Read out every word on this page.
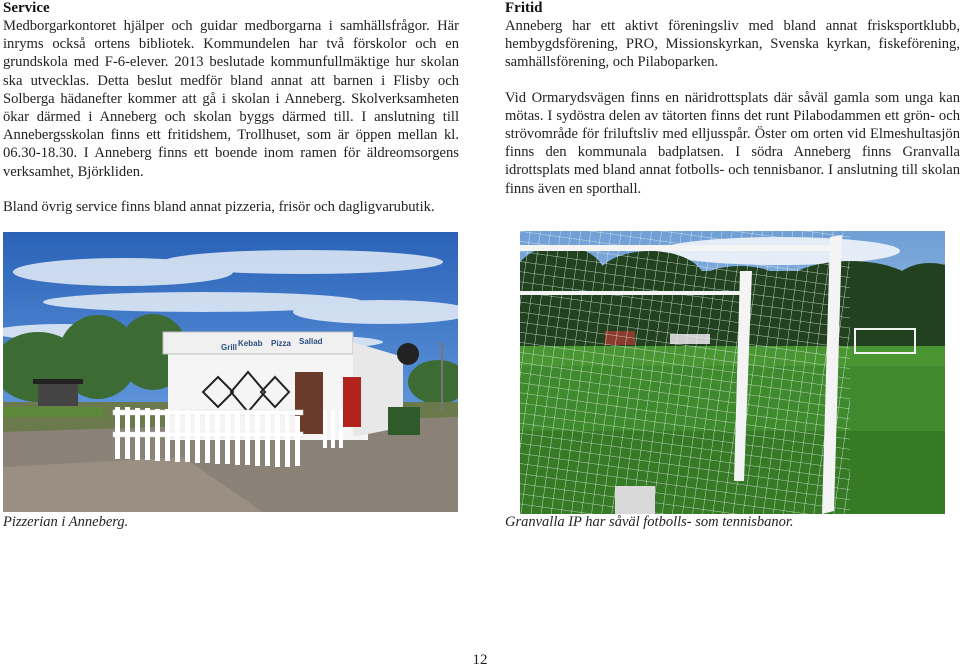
Service

Medborgarkontoret hjälper och guidar medborgarna i samhällsfrågor. Här inryms också ortens bibliotek. Kommundelen har två förskolor och en grundskola med F-6-elever. 2013 beslutade kommunfullmäktige hur skolan ska utvecklas. Detta beslut medför bland annat att barnen i Flisby och Solberga hädanefter kommer att gå i skolan i Anneberg. Skolverksamheten ökar därmed i Anneberg och skolan byggs därmed till. I anslutning till Annebergsskolan finns ett fritidshem, Trollhuset, som är öppen mellan kl. 06.30-18.30. I Anneberg finns ett boende inom ramen för äldreomsorgens verksamhet, Björkliden.

Bland övrig service finns bland annat pizzeria, frisör och dagligvarubutik.

Fritid

Anneberg har ett aktivt föreningsliv med bland annat frisksportklubb, hembygdsförening, PRO, Missionskyrkan, Svenska kyrkan, fiskeförening, samhällsförening, och Pilaboparken.

Vid Ormarydsvägen finns en näridrottsplats där såväl gamla som unga kan mötas. I sydöstra delen av tätorten finns det runt Pilabodammen ett grön- och strövområde för friluftsliv med elljusspår. Öster om orten vid Elmeshultasjön finns den kommunala badplatsen. I södra Anneberg finns Granvalla idrottsplats med bland annat fotbolls- och tennisbanor. I anslutning till skolan finns även en sporthall.

Kebab Pizza Sallad
Grill
Pizzerian i Anneberg.	Granvalla IP har såväl fotbolls- som tennisbanor.
12
